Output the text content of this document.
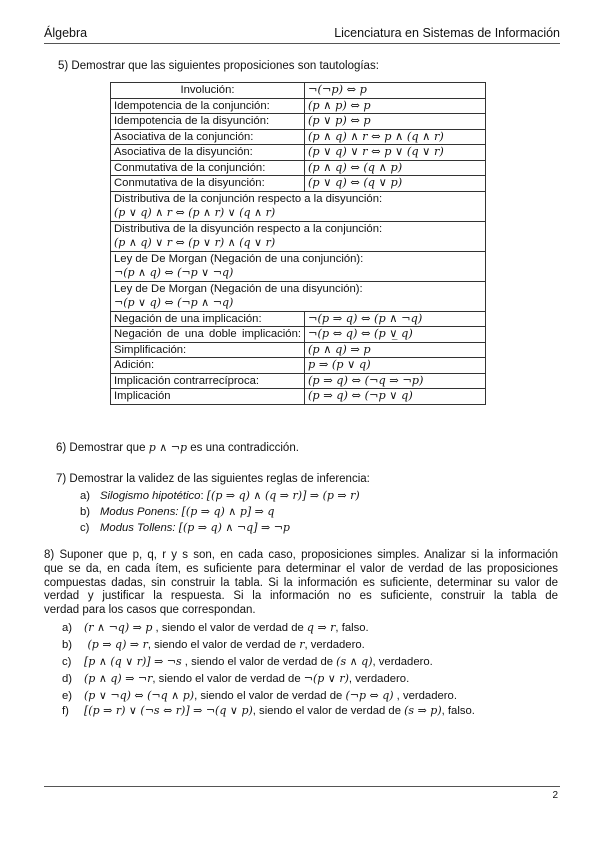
Álgebra	Licenciatura en Sistemas de Información
5) Demostrar que las siguientes proposiciones son tautologías:
Involución:	¬(¬p) ⇔ p
Idempotencia de la conjunción:	(p ∧ p) ⇔ p
Idempotencia de la disyunción:	(p ∨ p) ⇔ p
Asociativa de la conjunción:	(p ∧ q) ∧ r ⇔ p ∧ (q ∧ r)
Asociativa de la disyunción:	(p ∨ q) ∨ r ⇔ p ∨ (q ∨ r)
Conmutativa de la conjunción:	(p ∧ q) ⇔ (q ∧ p)
Conmutativa de la disyunción:	(p ∨ q) ⇔ (q ∨ p)

Distributiva de la conjunción respecto a la disyunción:
(p ∨ q) ∧ r ⇔ (p ∧ r) ∨ (q ∧ r)	

Distributiva de la disyunción respecto a la conjunción:
(p ∧ q) ∨ r ⇔ (p ∨ r) ∧ (q ∨ r)	

Ley de De Morgan (Negación de una conjunción):
¬(p ∧ q) ⇔ (¬p ∨ ¬q)	

Ley de De Morgan (Negación de una disyunción):
¬(p ∨ q) ⇔ (¬p ∧ ¬q)	

Negación de una implicación:	¬(p ⇒ q) ⇔ (p ∧ ¬q)
Negación de una doble implicación:	¬(p ⇔ q) ⇔ (p ∨̲ q)
Simplificación:	(p ∧ q) ⇒ p
Adición:	p ⇒ (p ∨ q)
Implicación contrarrecíproca:	(p ⇒ q) ⇔ (¬q ⇒ ¬p)
Implicación	(p ⇒ q) ⇔ (¬p ∨ q)
6) Demostrar que p ∧ ¬p es una contradicción.
7) Demostrar la validez de las siguientes reglas de inferencia:
a) Silogismo hipotético: [(p ⇒ q) ∧ (q ⇒ r)] ⇒ (p ⇒ r)
b) Modus Ponens: [(p ⇒ q) ∧ p] ⇒ q
c) Modus Tollens: [(p ⇒ q) ∧ ¬q] ⇒ ¬p
8) Suponer que p, q, r y s son, en cada caso, proposiciones simples. Analizar si la información
que se da, en cada ítem, es suficiente para determinar el valor de verdad de las proposiciones
compuestas dadas, sin construir la tabla. Si la información es suficiente, determinar su valor de
verdad y justificar la respuesta. Si la información no es suficiente, construir la tabla de
verdad para los casos que correspondan.
a) (r ∧ ¬q) ⇒ p , siendo el valor de verdad de q ⇒ r, falso.
b) (p ⇒ q) ⇒ r, siendo el valor de verdad de r, verdadero.
c) [p ∧ (q ∨ r)] ⇒ ¬s , siendo el valor de verdad de (s ∧ q), verdadero.
d) (p ∧ q) ⇒ ¬r, siendo el valor de verdad de ¬(p ∨ r), verdadero.
e) (p ∨ ¬q) ⇔ (¬q ∧ p), siendo el valor de verdad de (¬p ⇔ q) , verdadero.
f) [(p ⇒ r) ∨ (¬s ⇔ r)] ⇒ ¬(q ∨ p), siendo el valor de verdad de (s ⇒ p), falso.
2
